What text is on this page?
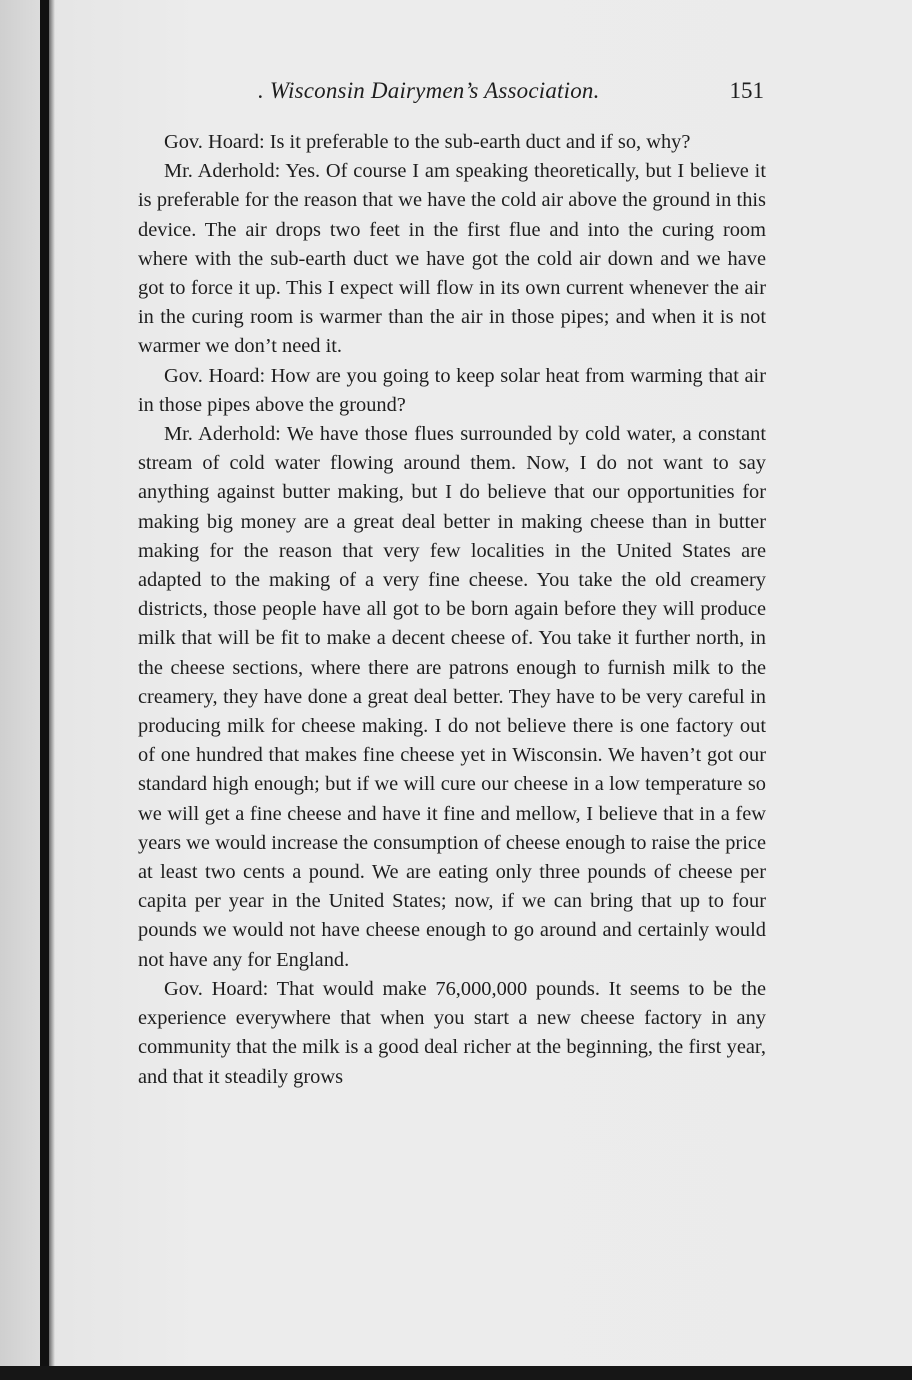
. Wisconsin Dairymen’s Association.	151

Gov. Hoard: Is it preferable to the sub-earth duct and if so, why?

Mr. Aderhold: Yes. Of course I am speaking theoretically, but I believe it is preferable for the reason that we have the cold air above the ground in this device. The air drops two feet in the first flue and into the curing room where with the sub-earth duct we have got the cold air down and we have got to force it up. This I expect will flow in its own current whenever the air in the curing room is warmer than the air in those pipes; and when it is not warmer we don’t need it.

Gov. Hoard: How are you going to keep solar heat from warming that air in those pipes above the ground?

Mr. Aderhold: We have those flues surrounded by cold water, a constant stream of cold water flowing around them. Now, I do not want to say anything against butter making, but I do believe that our opportunities for making big money are a great deal better in making cheese than in butter making for the reason that very few localities in the United States are adapted to the making of a very fine cheese. You take the old creamery districts, those people have all got to be born again before they will produce milk that will be fit to make a decent cheese of. You take it further north, in the cheese sections, where there are patrons enough to furnish milk to the creamery, they have done a great deal better. They have to be very careful in producing milk for cheese making. I do not believe there is one factory out of one hundred that makes fine cheese yet in Wisconsin. We haven’t got our standard high enough; but if we will cure our cheese in a low temperature so we will get a fine cheese and have it fine and mellow, I believe that in a few years we would increase the consumption of cheese enough to raise the price at least two cents a pound. We are eating only three pounds of cheese per capita per year in the United States; now, if we can bring that up to four pounds we would not have cheese enough to go around and certainly would not have any for England.

Gov. Hoard: That would make 76,000,000 pounds. It seems to be the experience everywhere that when you start a new cheese factory in any community that the milk is a good deal richer at the beginning, the first year, and that it steadily grows
